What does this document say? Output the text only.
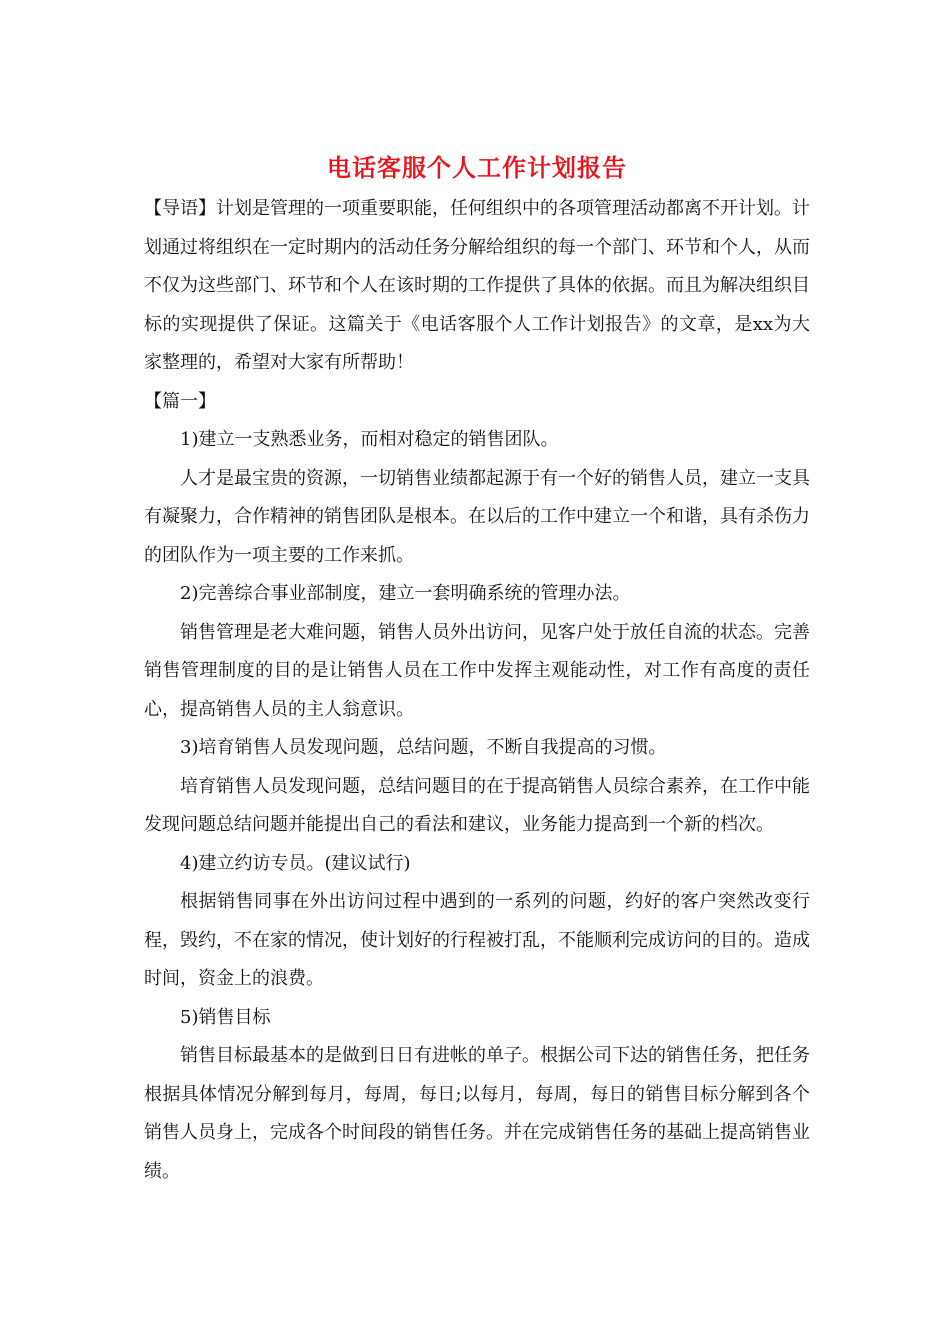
电话客服个人工作计划报告

【导语】计划是管理的一项重要职能，任何组织中的各项管理活动都离不开计划。计划通过将组织在一定时期内的活动任务分解给组织的每一个部门、环节和个人，从而不仅为这些部门、环节和个人在该时期的工作提供了具体的依据。而且为解决组织目标的实现提供了保证。这篇关于《电话客服个人工作计划报告》的文章，是xx为大家整理的，希望对大家有所帮助！

【篇一】

1)建立一支熟悉业务，而相对稳定的销售团队。

人才是最宝贵的资源，一切销售业绩都起源于有一个好的销售人员，建立一支具有凝聚力，合作精神的销售团队是根本。在以后的工作中建立一个和谐，具有杀伤力的团队作为一项主要的工作来抓。

2)完善综合事业部制度，建立一套明确系统的管理办法。

销售管理是老大难问题，销售人员外出访问，见客户处于放任自流的状态。完善销售管理制度的目的是让销售人员在工作中发挥主观能动性，对工作有高度的责任心，提高销售人员的主人翁意识。

3)培育销售人员发现问题，总结问题，不断自我提高的习惯。

培育销售人员发现问题，总结问题目的在于提高销售人员综合素养，在工作中能发现问题总结问题并能提出自己的看法和建议，业务能力提高到一个新的档次。

4)建立约访专员。(建议试行)

根据销售同事在外出访问过程中遇到的一系列的问题，约好的客户突然改变行程，毁约，不在家的情况，使计划好的行程被打乱，不能顺利完成访问的目的。造成时间，资金上的浪费。

5)销售目标

销售目标最基本的是做到日日有进帐的单子。根据公司下达的销售任务，把任务根据具体情况分解到每月，每周，每日;以每月，每周，每日的销售目标分解到各个销售人员身上，完成各个时间段的销售任务。并在完成销售任务的基础上提高销售业绩。
